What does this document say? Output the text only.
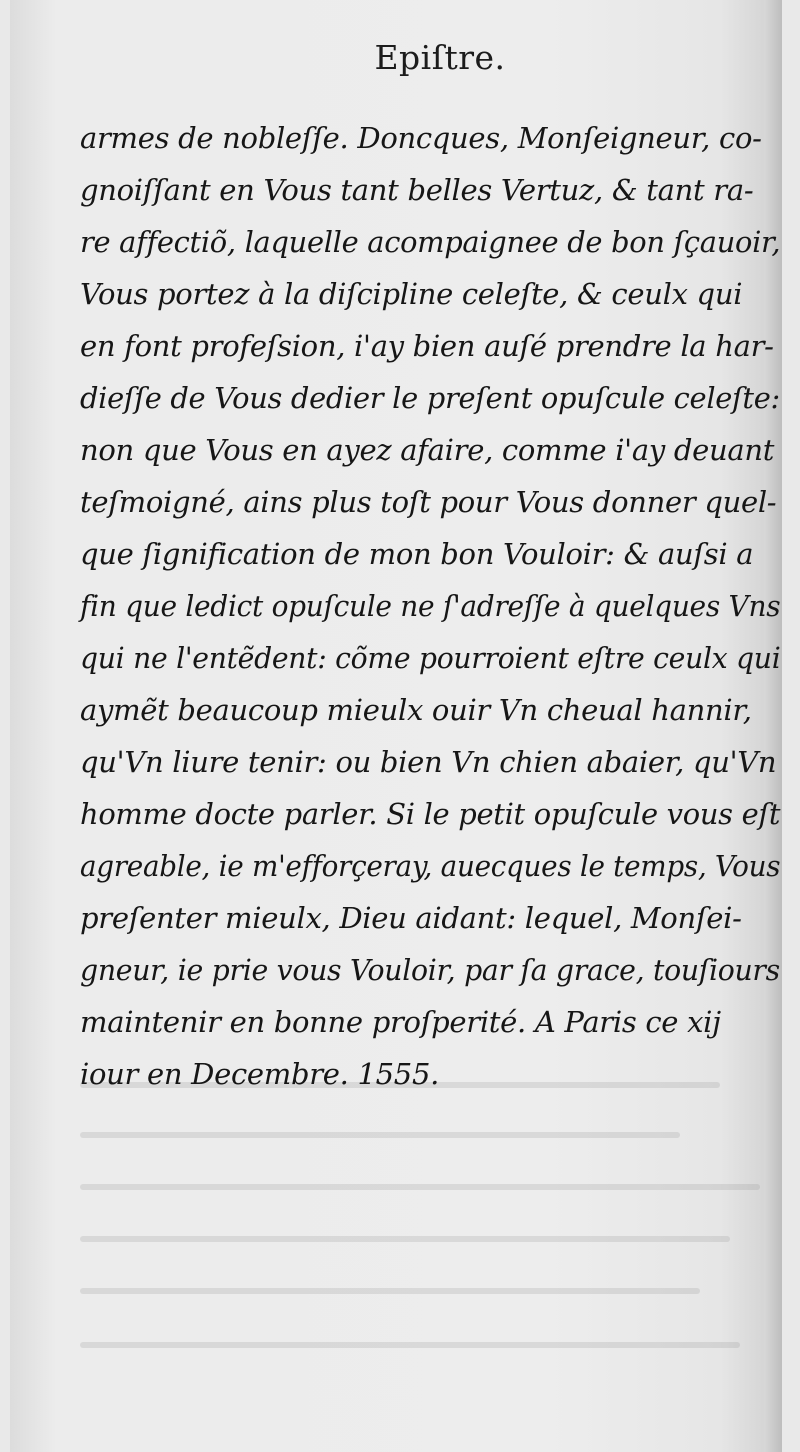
Epiſtre.
armes de nobleſſe. Doncques, Monſeigneur, co-
gnoiſſant en Vous tant belles Vertuz, & tant ra-
re affectiõ, laquelle acompaignee de bon ſçauoir,
Vous portez à la diſcipline celeſte, & ceulx qui
en font profeſsion, i'ay bien auſé prendre la har-
dieſſe de Vous dedier le preſent opuſcule celeſte:
non que Vous en ayez afaire, comme i'ay deuant
teſmoigné, ains plus toſt pour Vous donner quel-
que ſignification de mon bon Vouloir: & auſsi a
fin que ledict opuſcule ne ſ'adreſſe à quelques Vns
qui ne l'entẽdent: cõme pourroient eſtre ceulx qui
aymẽt beaucoup mieulx ouir Vn cheual hannir,
qu'Vn liure tenir: ou bien Vn chien abaier, qu'Vn
homme docte parler. Si le petit opuſcule vous eſt
agreable, ie m'efforçeray, auecques le temps, Vous
preſenter mieulx, Dieu aidant: lequel, Monſei-
gneur, ie prie vous Vouloir, par ſa grace, touſiours
maintenir en bonne proſperité. A Paris ce xij
iour en Decembre. 1555.
